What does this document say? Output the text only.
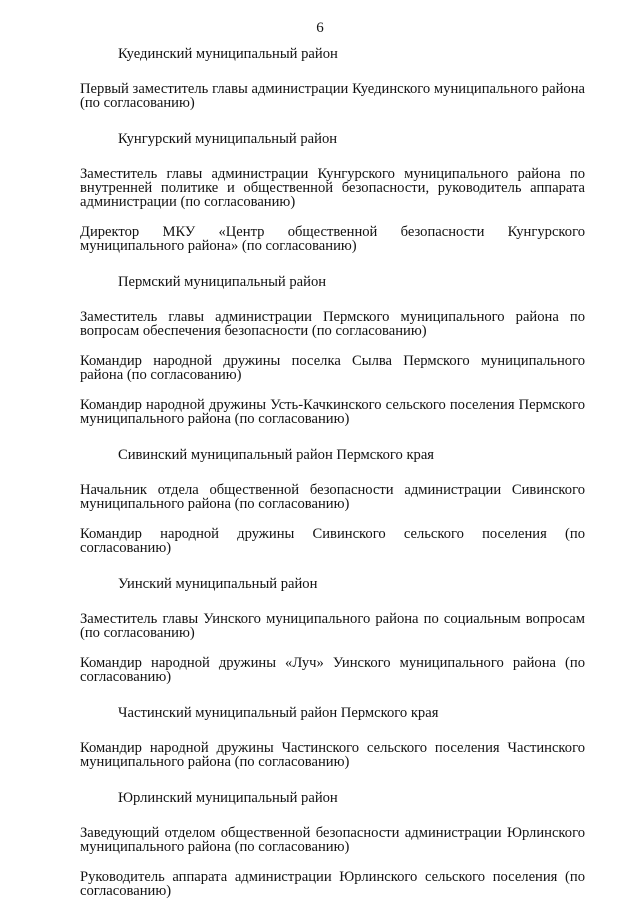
6

Куединский муниципальный район

Первый заместитель главы администрации Куединского муниципального района (по согласованию)

Кунгурский муниципальный район

Заместитель главы администрации Кунгурского муниципального района по внутренней политике и общественной безопасности, руководитель аппарата администрации (по согласованию)

Директор МКУ «Центр общественной безопасности Кунгурского муниципального района» (по согласованию)

Пермский муниципальный район

Заместитель главы администрации Пермского муниципального района по вопросам обеспечения безопасности (по согласованию)

Командир народной дружины поселка Сылва Пермского муниципального района (по согласованию)

Командир народной дружины Усть-Качкинского сельского поселения Пермского муниципального района (по согласованию)

Сивинский муниципальный район Пермского края

Начальник отдела общественной безопасности администрации Сивинского муниципального района (по согласованию)

Командир народной дружины Сивинского сельского поселения (по согласованию)

Уинский муниципальный район

Заместитель главы Уинского муниципального района по социальным вопросам (по согласованию)

Командир народной дружины «Луч» Уинского муниципального района (по согласованию)

Частинский муниципальный район Пермского края

Командир народной дружины Частинского сельского поселения Частинского муниципального района (по согласованию)

Юрлинский муниципальный район

Заведующий отделом общественной безопасности администрации Юрлинского муниципального района (по согласованию)

Руководитель аппарата администрации Юрлинского сельского поселения (по согласованию)
